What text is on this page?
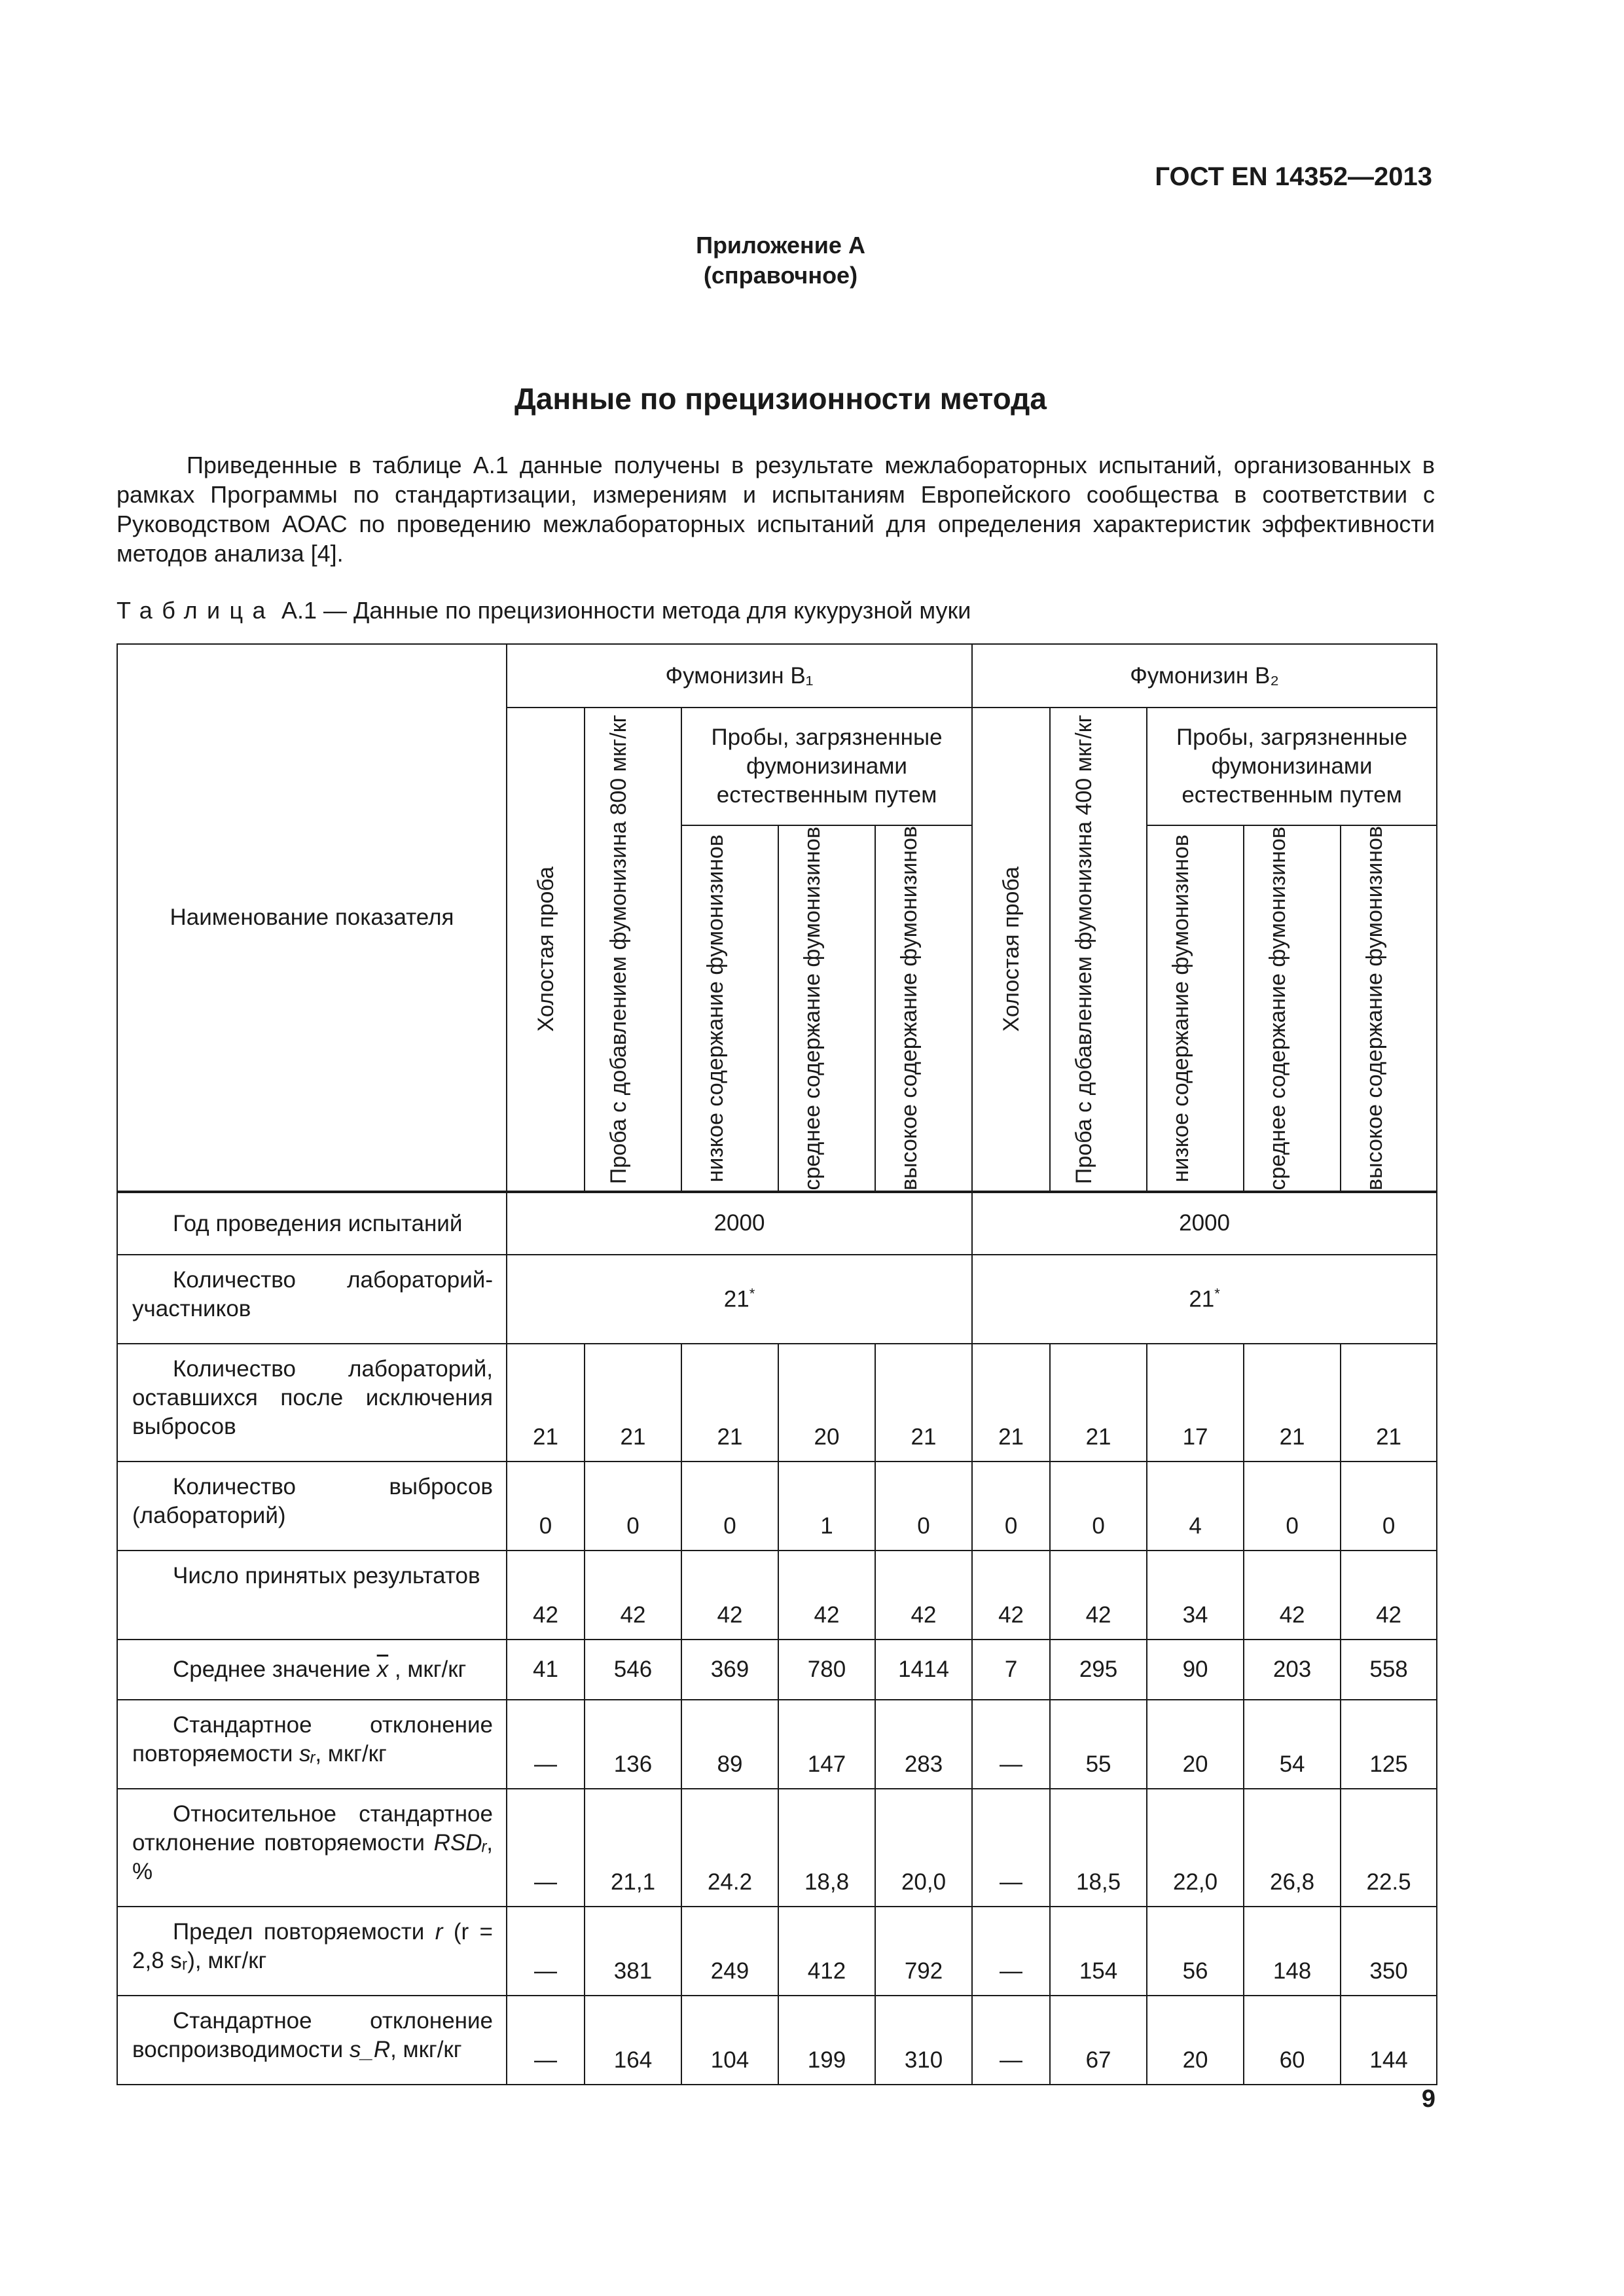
ГОСТ EN 14352—2013
Приложение А
(справочное)
Данные по прецизионности метода

Приведенные в таблице А.1 данные получены в результате межлабораторных испытаний, организованных в рамках Программы по стандартизации, измерениям и испытаниям Европейского сообщества в соответствии с Руководством АОАС по проведению межлабораторных испытаний для определения характеристик эффективности методов анализа [4].

Таблица А.1 — Данные по прецизионности метода для кукурузной муки
Наименование показателя	Фумонизин В₁					Фумонизин В₂				

	Холостая проба	Проба с добавлением фумонизина 800 мкг/кг	Пробы, загрязненные фумонизинами естественным путем			Холостая проба	Проба с добавлением фумонизина 400 мкг/кг	Пробы, загрязненные фумонизинами естественным путем		

			низкое содержание фумонизинов	среднее содержание фумонизинов	высокое содержание фумонизинов			низкое содержание фумонизинов	среднее содержание фумонизинов	высокое содержание фумонизинов

Год проведения испытаний	2000					2000				
Количество лабораторий-участников	21*					21*
Количество лабораторий, оставшихся после исключения выбросов	21	21	21	20	21	21	21	17	21	21
Количество выбросов (лабораторий)	0	0	0	1	0	0	0	4	0	0
Число принятых результатов	42	42	42	42	42	42	42	34	42	42
Среднее значение $\overline{x}$ , мкг/кг	41	546	369	780	1414	7	295	90	203	558
Стандартное отклонение повторяемости sᵣ, мкг/кг	—	136	89	147	283	—	55	20	54	125
Относительное стандартное отклонение повторяемости RSDᵣ, %	—	21,1	24.2	18,8	20,0	—	18,5	22,0	26,8	22.5
Предел повторяемости r (r = 2,8 sᵣ), мкг/кг	—	381	249	412	792	—	154	56	148	350
Стандартное отклонение воспроизводимости s_R, мкг/кг	—	164	104	199	310	—	67	20	60	144
9
